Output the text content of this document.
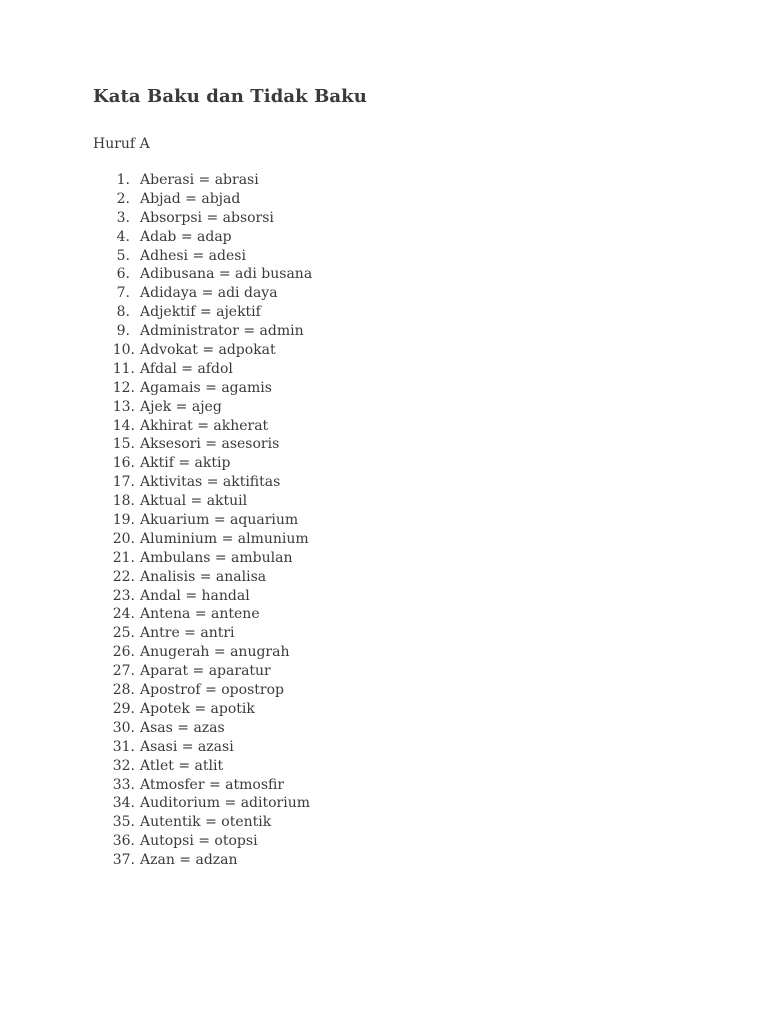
Kata Baku dan Tidak Baku

Huruf A

1. Aberasi = abrasi
2. Abjad = abjad
3. Absorpsi = absorsi
4. Adab = adap
5. Adhesi = adesi
6. Adibusana = adi busana
7. Adidaya = adi daya
8. Adjektif = ajektif
9. Administrator = admin
10. Advokat = adpokat
11. Afdal = afdol
12. Agamais = agamis
13. Ajek = ajeg
14. Akhirat = akherat
15. Aksesori = asesoris
16. Aktif = aktip
17. Aktivitas = aktifitas
18. Aktual = aktuil
19. Akuarium = aquarium
20. Aluminium = almunium
21. Ambulans = ambulan
22. Analisis = analisa
23. Andal = handal
24. Antena = antene
25. Antre = antri
26. Anugerah = anugrah
27. Aparat = aparatur
28. Apostrof = opostrop
29. Apotek = apotik
30. Asas = azas
31. Asasi = azasi
32. Atlet = atlit
33. Atmosfer = atmosfir
34. Auditorium = aditorium
35. Autentik = otentik
36. Autopsi = otopsi
37. Azan = adzan
